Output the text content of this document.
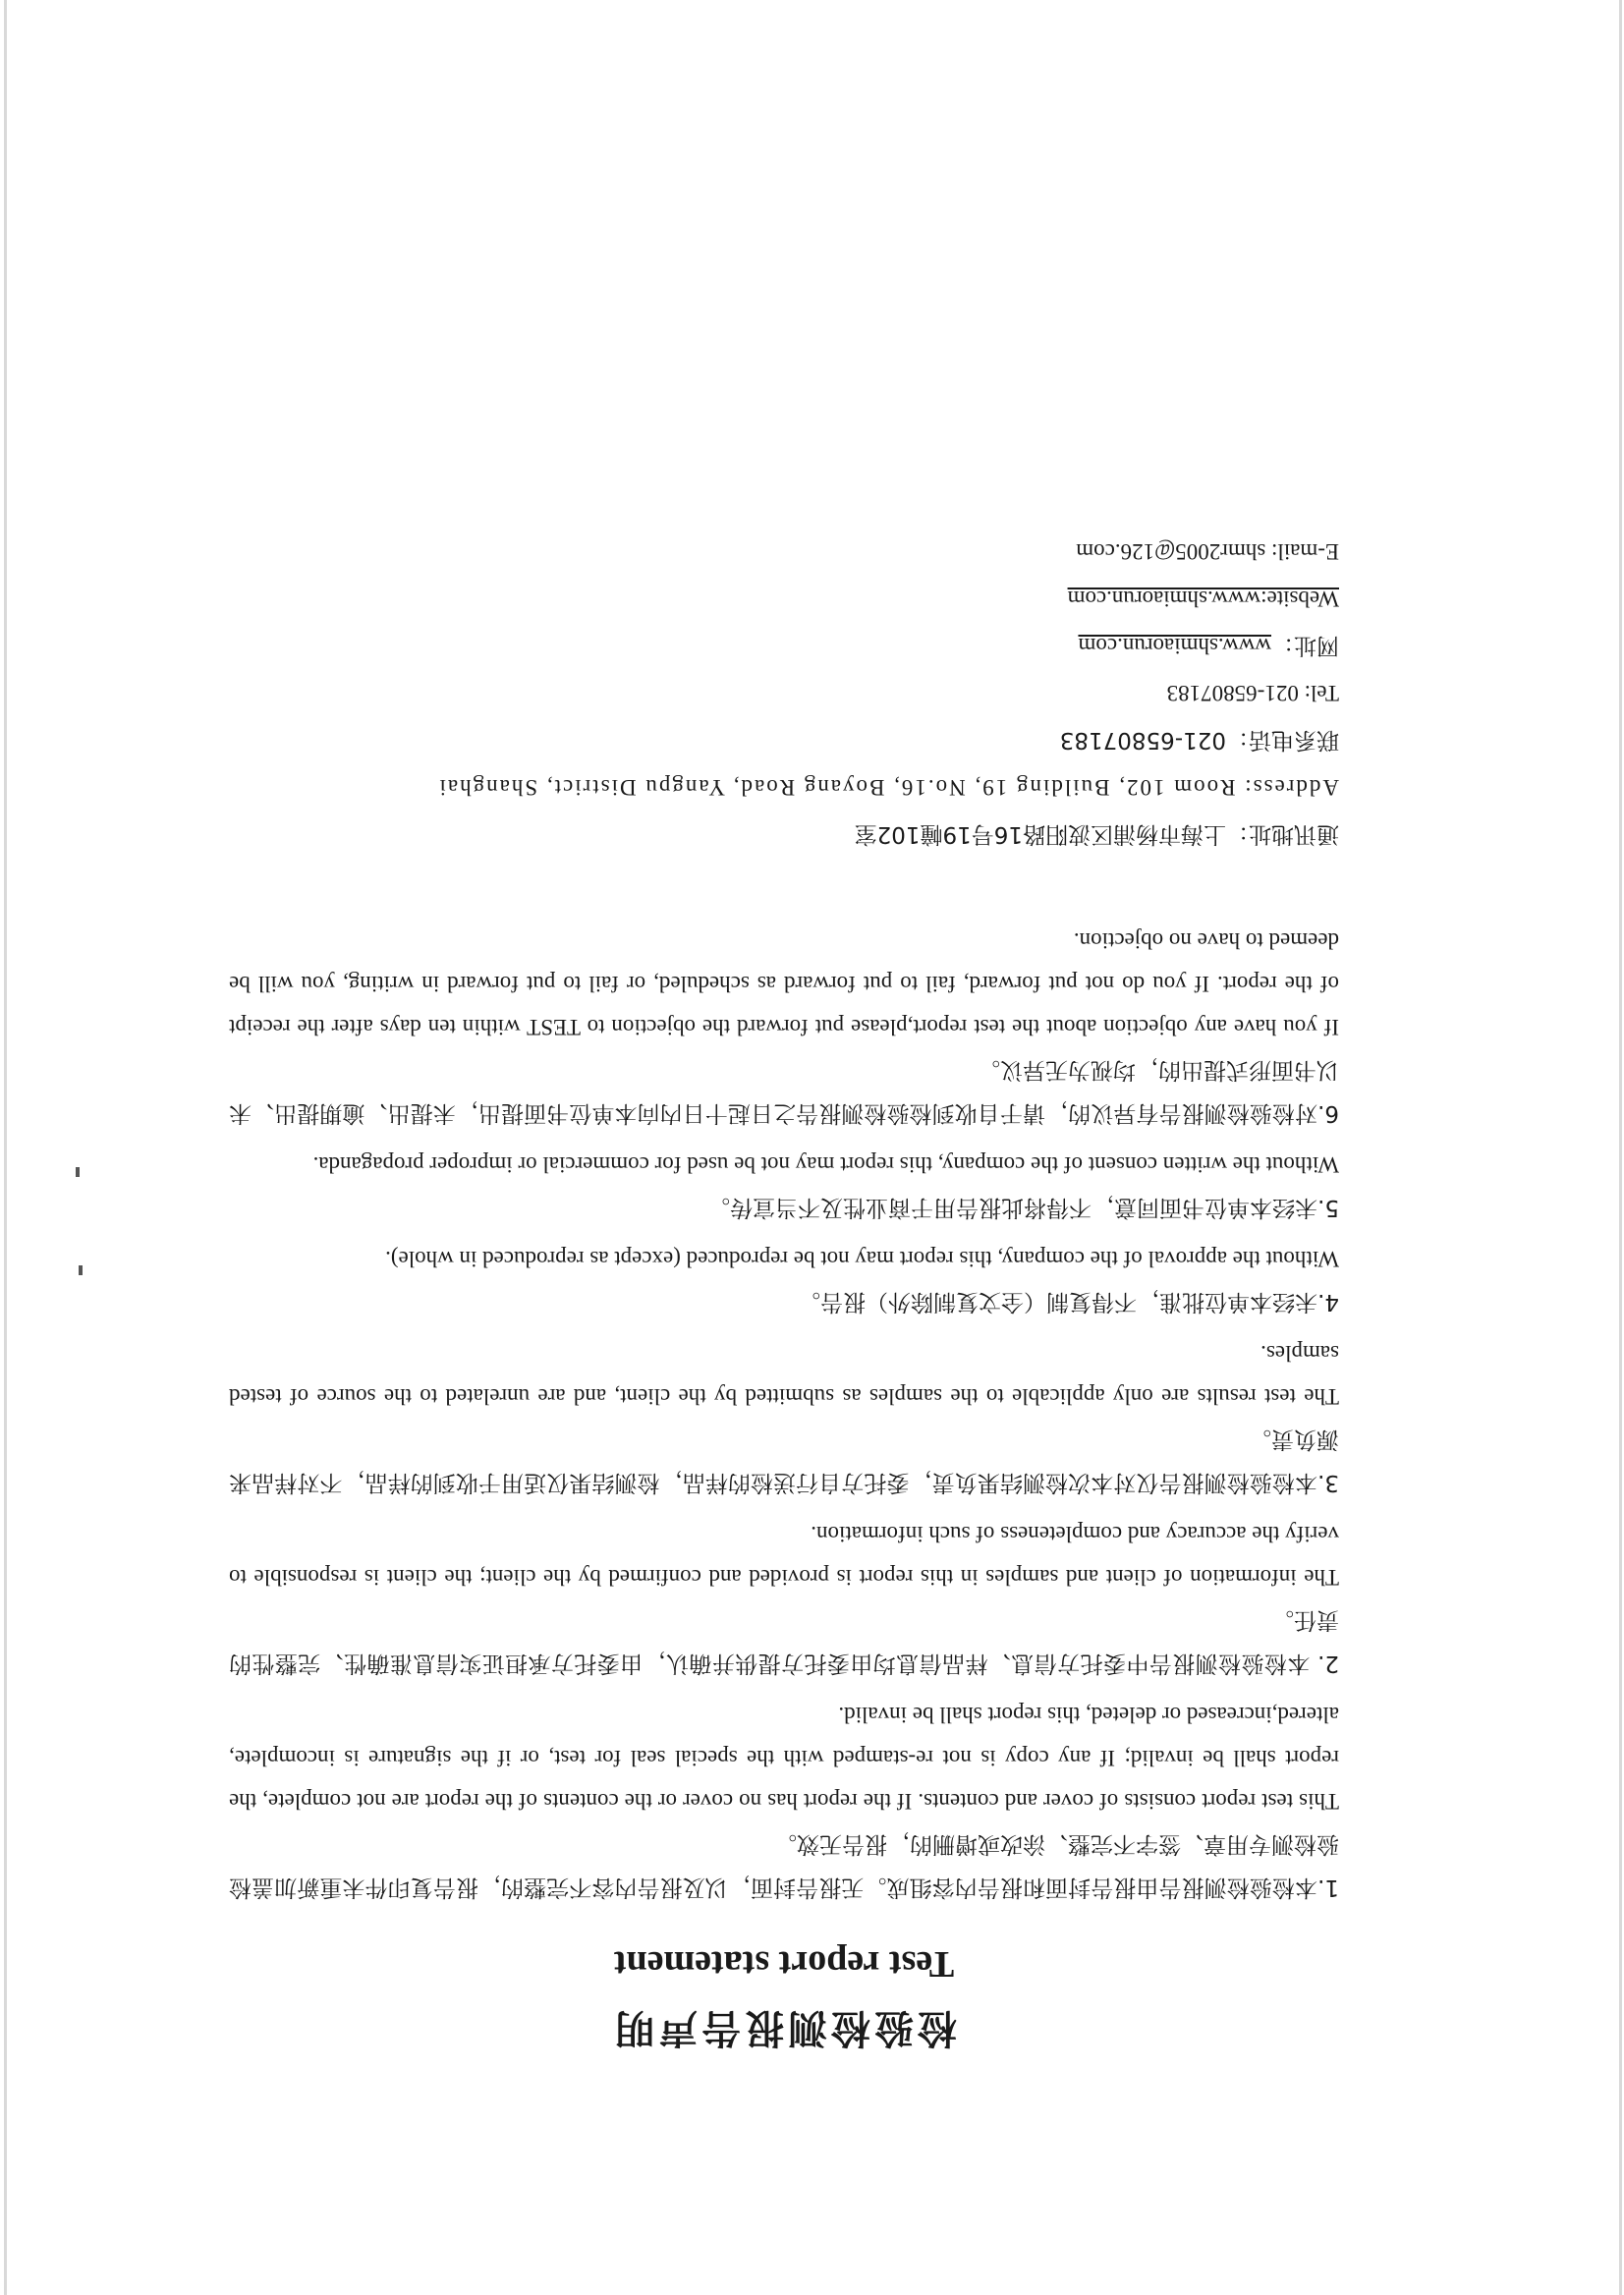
检验检测报告声明
Test report statement

1.本检验检测报告由报告封面和报告内容组成。无报告封面，以及报告内容不完整的，报告复印件未重新加盖检验检测专用章、签字不完整、涂改或增删的，报告无效。

This test report consists of cover and contents. If the report has no cover or the contents of the report are not complete, the report shall be invalid; If any copy is not re-stamped with the special seal for test, or if the signature is incomplete, altered,increased or deleted, this report shall be invalid.

2. 本检验检测报告中委托方信息、样品信息均由委托方提供并确认，由委托方承担证实信息准确性、完整性的责任。

The information of client and samples in this report is provided and confirmed by the client; the client is responsible to verify the accuracy and completeness of such information.

3.本检验检测报告仅对本次检测结果负责，委托方自行送检的样品，检测结果仅适用于收到的样品，不对样品来源负责。

The test results are only applicable to the samples as submitted by the client, and are unrelated to the source of tested samples.

4.未经本单位批准，不得复制（全文复制除外）报告。

Without the approval of the company, this report may not be reproduced (except as reproduced in whole).

5.未经本单位书面同意，不得将此报告用于商业性及不当宣传。

Without the written consent of the company, this report may not be used for commercial or improper propaganda.

6.对检验检测报告有异议的，请于自收到检验检测报告之日起十日内向本单位书面提出，未提出、逾期提出、未以书面形式提出的，均视为无异议。

If you have any objection about the test report,please put forward the objection to TEST within ten days after the receipt of the report. If you do not put forward, fail to put forward as scheduled, or fail to put forward in writing, you will be deemed to have no objection.

通讯地址：上海市杨浦区波阳路16号19幢102室

Address: Room 102, Building 19, No.16, Boyang Road, Yangpu District, Shanghai

联系电话：021-65807183

Tel: 021-65807183

网址：www.shmiaorun.com

Website:www.shmiaorun.com

E-mail: shmr2005@126.com
